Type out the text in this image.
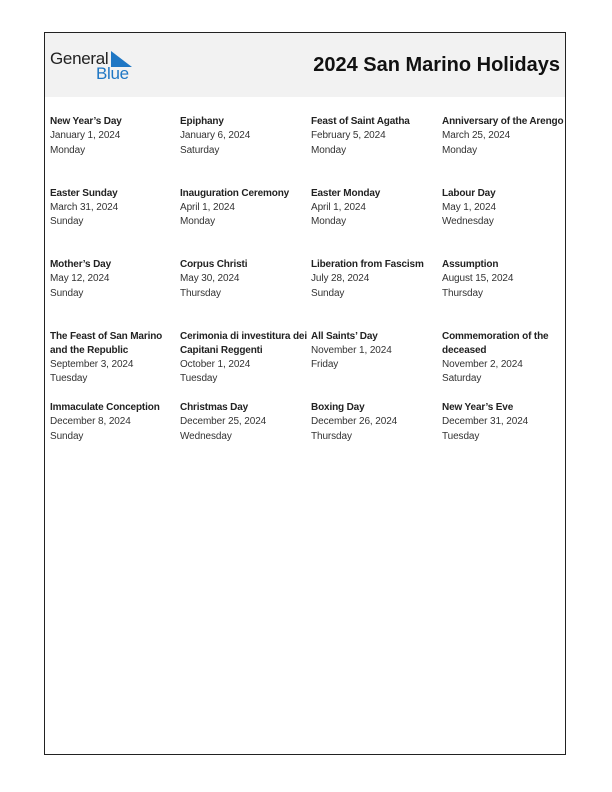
General
Blue	2024 San Marino Holidays
New Year’s Day
January 1, 2024
Monday
Epiphany
January 6, 2024
Saturday
Feast of Saint Agatha
February 5, 2024
Monday
Anniversary of the Arengo
March 25, 2024
Monday
Easter Sunday
March 31, 2024
Sunday
Inauguration Ceremony
April 1, 2024
Monday
Easter Monday
April 1, 2024
Monday
Labour Day
May 1, 2024
Wednesday
Mother’s Day
May 12, 2024
Sunday
Corpus Christi
May 30, 2024
Thursday
Liberation from Fascism
July 28, 2024
Sunday
Assumption
August 15, 2024
Thursday
The Feast of San Marino and the Republic
September 3, 2024
Tuesday
Cerimonia di investitura dei Capitani Reggenti
October 1, 2024
Tuesday
All Saints’ Day
November 1, 2024
Friday
Commemoration of the deceased
November 2, 2024
Saturday
Immaculate Conception
December 8, 2024
Sunday
Christmas Day
December 25, 2024
Wednesday
Boxing Day
December 26, 2024
Thursday
New Year’s Eve
December 31, 2024
Tuesday
